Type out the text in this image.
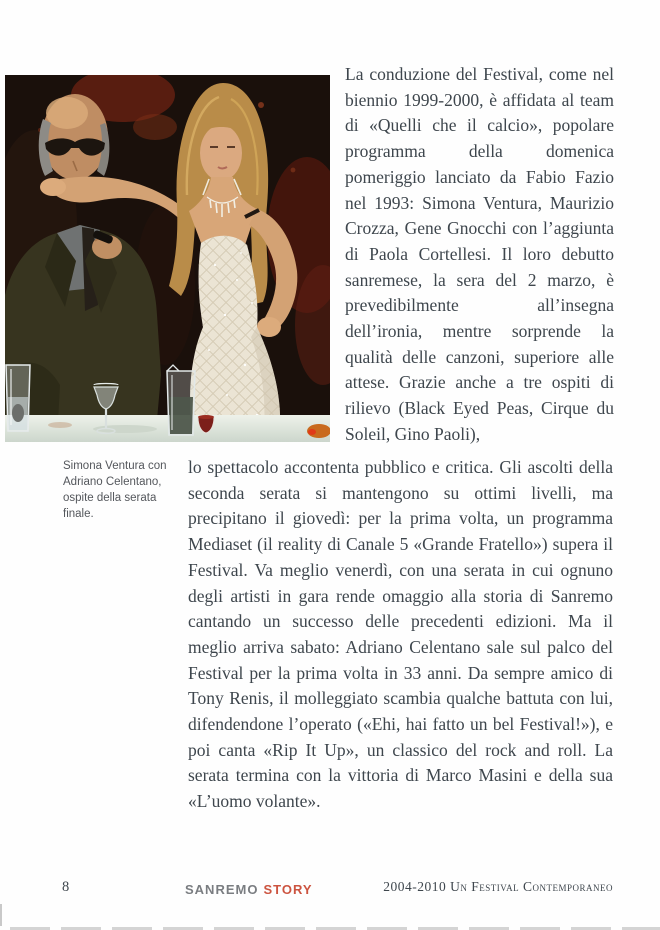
La conduzione del Festival, come nel biennio 1999-2000, è affidata al team di «Quelli che il calcio», popolare programma della domenica pomeriggio lanciato da Fabio Fazio nel 1993: Simona Ventura, Maurizio Crozza, Gene Gnocchi con l’aggiunta di Paola Cortellesi. Il loro debutto sanremese, la sera del 2 marzo, è prevedibilmente all’insegna dell’ironia, mentre sorprende la qualità delle canzoni, superiore alle attese. Grazie anche a tre ospiti di rilievo (Black Eyed Peas, Cirque du Soleil, Gino Paoli),
Simona Ventura con Adriano Celentano, ospite della serata finale.
lo spettacolo accontenta pubblico e critica. Gli ascolti della seconda serata si mantengono su ottimi livelli, ma precipitano il giovedì: per la prima volta, un programma Mediaset (il reality di Canale 5 «Grande Fratello») supera il Festival. Va meglio venerdì, con una serata in cui ognuno degli artisti in gara rende omaggio alla storia di Sanremo cantando un successo delle precedenti edizioni. Ma il meglio arriva sabato: Adriano Celentano sale sul palco del Festival per la prima volta in 33 anni. Da sempre amico di Tony Renis, il molleggiato scambia qualche battuta con lui, difendendone l’operato («Ehi, hai fatto un bel Festival!»), e poi canta «Rip It Up», un classico del rock and roll. La serata termina con la vittoria di Marco Masini e della sua «L’uomo volante».
8	SANREMO STORY	2004-2010 Un Festival Contemporaneo
